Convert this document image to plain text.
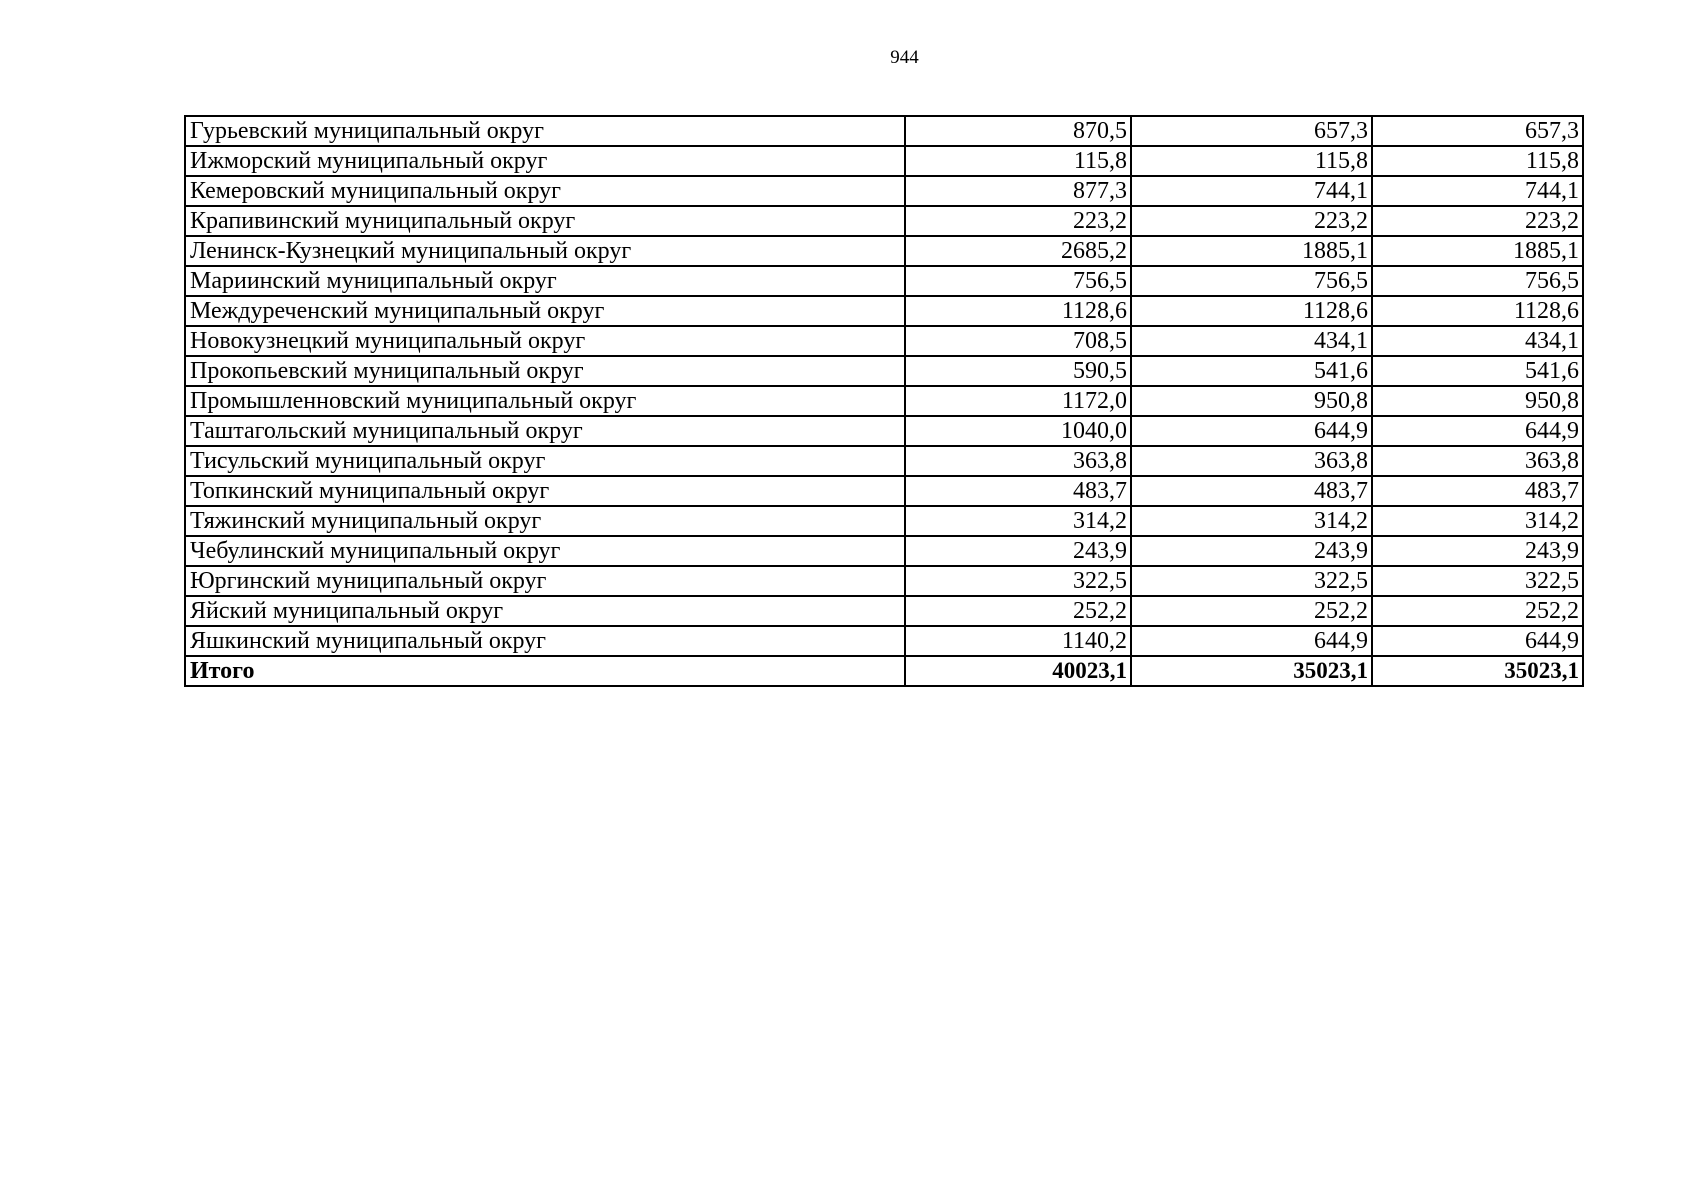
944
Гурьевский муниципальный округ	870,5	657,3	657,3
Ижморский муниципальный округ	115,8	115,8	115,8
Кемеровский муниципальный округ	877,3	744,1	744,1
Крапивинский муниципальный округ	223,2	223,2	223,2
Ленинск-Кузнецкий муниципальный округ	2685,2	1885,1	1885,1
Мариинский муниципальный округ	756,5	756,5	756,5
Междуреченский муниципальный округ	1128,6	1128,6	1128,6
Новокузнецкий муниципальный округ	708,5	434,1	434,1
Прокопьевский муниципальный округ	590,5	541,6	541,6
Промышленновский муниципальный округ	1172,0	950,8	950,8
Таштагольский муниципальный округ	1040,0	644,9	644,9
Тисульский муниципальный округ	363,8	363,8	363,8
Топкинский муниципальный округ	483,7	483,7	483,7
Тяжинский муниципальный округ	314,2	314,2	314,2
Чебулинский муниципальный округ	243,9	243,9	243,9
Юргинский муниципальный округ	322,5	322,5	322,5
Яйский муниципальный округ	252,2	252,2	252,2
Яшкинский муниципальный округ	1140,2	644,9	644,9
Итого	40023,1	35023,1	35023,1
